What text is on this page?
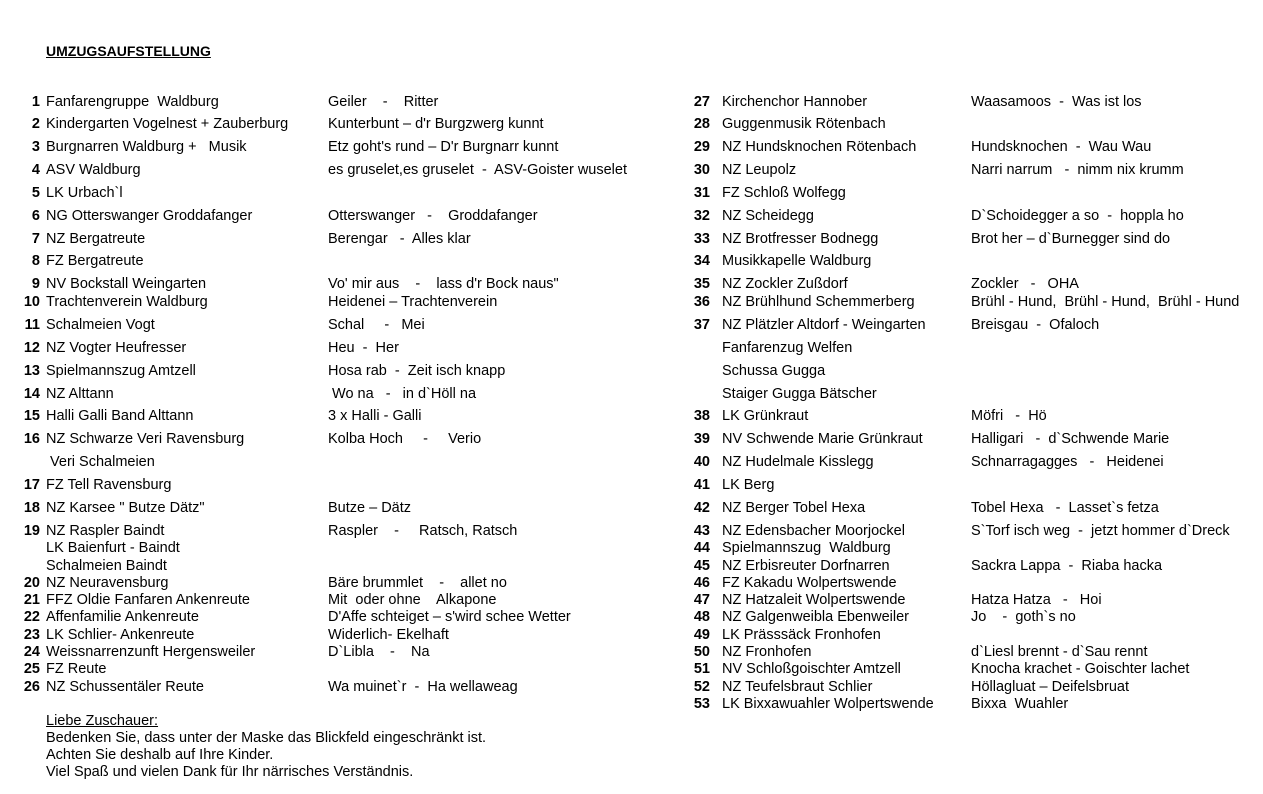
UMZUGSAUFSTELLUNG
1 Fanfarengruppe  Waldburg	Geiler    -    Ritter
2 Kindergarten Vogelnest + Zauberburg	Kunterbunt – d'r Burgzwerg kunnt
3 Burgnarren Waldburg +   Musik	Etz goht's rund – D'r Burgnarr kunnt
4 ASV Waldburg	es gruselet,es gruselet  -  ASV-Goister wuselet
5 LK Urbach`l
6 NG Otterswanger Groddafanger	Otterswanger   -    Groddafanger
7 NZ Bergatreute	Berengar   -  Alles klar
8 FZ Bergatreute
9 NV Bockstall Weingarten	Vo' mir aus    -    lass d'r Bock naus"
10 Trachtenverein Waldburg	Heidenei – Trachtenverein
11 Schalmeien Vogt	Schal     -   Mei
12 NZ Vogter Heufresser	Heu  -  Her
13 Spielmannszug Amtzell	Hosa rab  -  Zeit isch knapp
14 NZ Alttann	Wo na   -   in d`Höll na
15 Halli Galli Band Alttann	3 x Halli - Galli
16 NZ Schwarze Veri Ravensburg	Kolba Hoch     -     Verio
Veri Schalmeien
17 FZ Tell Ravensburg
18 NZ Karsee " Butze Dätz"	Butze – Dätz
19 NZ Raspler Baindt	Raspler    -     Ratsch, Ratsch
LK Baienfurt - Baindt
Schalmeien Baindt
20 NZ Neuravensburg	Bäre brummlet    -    allet no
21 FFZ Oldie Fanfaren Ankenreute	Mit  oder ohne    Alkapone
22 Affenfamilie Ankenreute	D'Affe schteiget – s'wird schee Wetter
23 LK Schlier- Ankenreute	Widerlich- Ekelhaft
24 Weissnarrenzunft Hergensweiler	D`Libla    -    Na
25 FZ Reute
26 NZ Schussentäler Reute	Wa muinet`r  -  Ha wellaweag
27 Kirchenchor Hannober	Waasamoos  -  Was ist los
28 Guggenmusik Rötenbach
29 NZ Hundsknochen Rötenbach	Hundsknochen  -  Wau Wau
30 NZ Leupolz	Narri narrum   -  nimm nix krumm
31 FZ Schloß Wolfegg
32 NZ Scheidegg	D`Schoidegger a so  -  hoppla ho
33 NZ Brotfresser Bodnegg	Brot her – d`Burnegger sind do
34 Musikkapelle Waldburg
35 NZ Zockler Zußdorf	Zockler   -   OHA
36 NZ Brühlhund Schemmerberg	Brühl - Hund,  Brühl - Hund,  Brühl - Hund
37 NZ Plätzler Altdorf - Weingarten	Breisgau  -  Ofaloch
Fanfarenzug Welfen
Schussa Gugga
Staiger Gugga Bätscher
38 LK Grünkraut	Möfri   -  Hö
39 NV Schwende Marie Grünkraut	Halligari   -  d`Schwende Marie
40 NZ Hudelmale Kisslegg	Schnarragagges   -   Heidenei
41 LK Berg
42 NZ Berger Tobel Hexa	Tobel Hexa   -  Lasset`s fetza
43 NZ Edensbacher Moorjockel	S`Torf isch weg  -  jetzt hommer d`Dreck
44 Spielmannszug  Waldburg
45 NZ Erbisreuter Dorfnarren	Sackra Lappa  -  Riaba hacka
46 FZ Kakadu Wolpertswende
47 NZ Hatzaleit Wolpertswende	Hatza Hatza   -   Hoi
48 NZ Galgenweibla Ebenweiler	Jo    -  goth`s no
49 LK Prässsäck Fronhofen
50 NZ Fronhofen	d`Liesl brennt - d`Sau rennt
51 NV Schloßgoischter Amtzell	Knocha krachet - Goischter lachet
52 NZ Teufelsbraut Schlier	Höllagluat – Deifelsbruat
53 LK Bixxawuahler Wolpertswende	Bixxa  Wuahler
Liebe Zuschauer:
Bedenken Sie, dass unter der Maske das Blickfeld eingeschränkt ist.
Achten Sie deshalb auf Ihre Kinder.
Viel Spaß und vielen Dank für Ihr närrisches Verständnis.
